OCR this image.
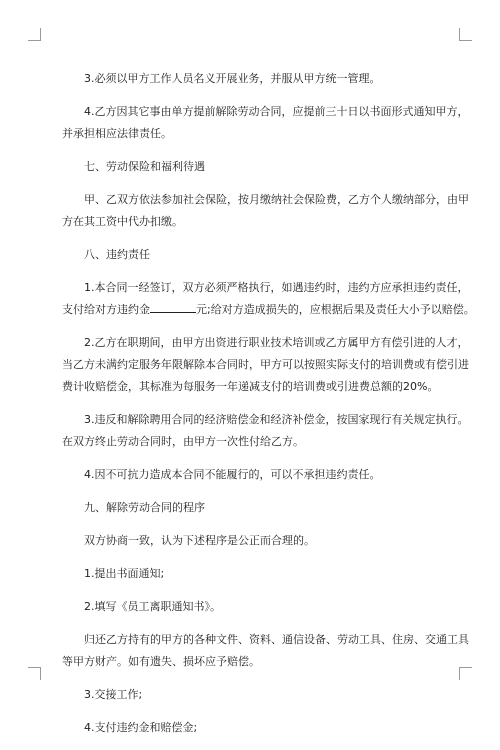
3.必须以甲方工作人员名义开展业务，并服从甲方统一管理。

4.乙方因其它事由单方提前解除劳动合同，应提前三十日以书面形式通知甲方，
并承担相应法律责任。

七、劳动保险和福利待遇

甲、乙双方依法参加社会保险，按月缴纳社会保险费，乙方个人缴纳部分，由甲
方在其工资中代办扣缴。

八、违约责任

1.本合同一经签订，双方必须严格执行，如遇违约时，违约方应承担违约责任，
支付给对方违约金	元;给对方造成损失的，应根据后果及责任大小予以赔偿。

2.乙方在职期间，由甲方出资进行职业技术培训或乙方属甲方有偿引进的人才，
当乙方未满约定服务年限解除本合同时，甲方可以按照实际支付的培训费或有偿引进
费计收赔偿金，其标准为每服务一年递减支付的培训费或引进费总额的20%。

3.违反和解除聘用合同的经济赔偿金和经济补偿金，按国家现行有关规定执行。
在双方终止劳动合同时，由甲方一次性付给乙方。

4.因不可抗力造成本合同不能履行的，可以不承担违约责任。

九、解除劳动合同的程序

双方协商一致，认为下述程序是公正而合理的。

1.提出书面通知;

2.填写《员工离职通知书》。

归还乙方持有的甲方的各种文件、资料、通信设备、劳动工具、住房、交通工具
等甲方财产。如有遗失、损坏应予赔偿。

3.交接工作;

4.支付违约金和赔偿金;
